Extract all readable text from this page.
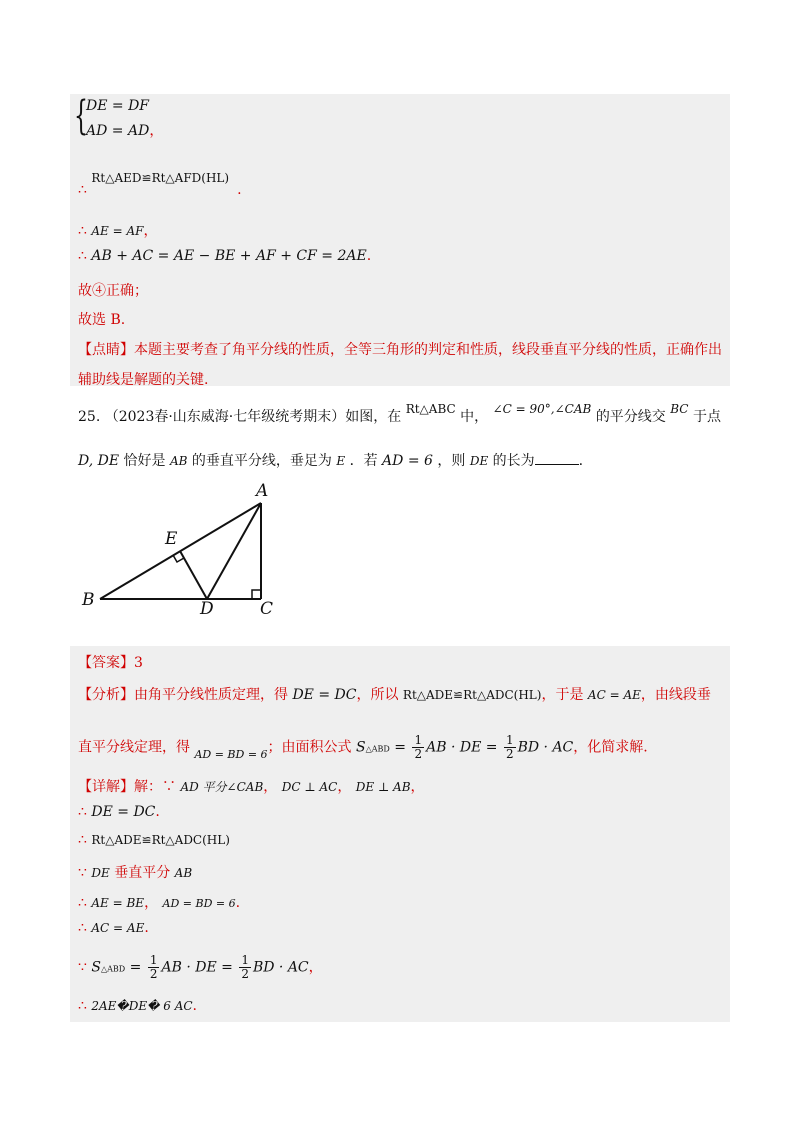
{
DE = DF
AD = AD，
∴ Rt△AED≌Rt△AFD(HL).
∴ AE = AF，
∴ AB + AC = AE − BE + AF + CF = 2AE.
故④正确；
故选 B.
【点睛】本题主要考查了角平分线的性质，全等三角形的判定和性质，线段垂直平分线的性质，正确作出
辅助线是解题的关键.
25. （2023春·山东威海·七年级统考期末）如图，在 Rt△ABC 中， ∠C = 90°,∠CAB 的平分线交 BC 于点
D, DE 恰好是 AB 的垂直平分线，垂足为 E ．若 AD = 6 ，则 DE 的长为	.
A
B	C
D
E
【答案】3
【分析】由角平分线性质定理，得 DE = DC，所以 Rt△ADE≌Rt△ADC(HL)，于是 AC = AE，由线段垂
直平分线定理，得 $_{AD = BD = 6}$；由面积公式 S△ABD = $\frac{1}{2}$ AB · DE = $\frac{1}{2}$ BD · AC，化简求解.
【详解】解：∵ AD 平分∠CAB， DC ⊥ AC， DE ⊥ AB，
∴ DE = DC.
∴ Rt△ADE≌Rt△ADC(HL)
∵ DE 垂直平分 AB
∴ AE = BE， AD = BD = 6.
∴ AC = AE.
∵ S△ABD = $\frac{1}{2}$ AB · DE = $\frac{1}{2}$ BD · AC，
∴ 2AE�DE� 6 AC.
